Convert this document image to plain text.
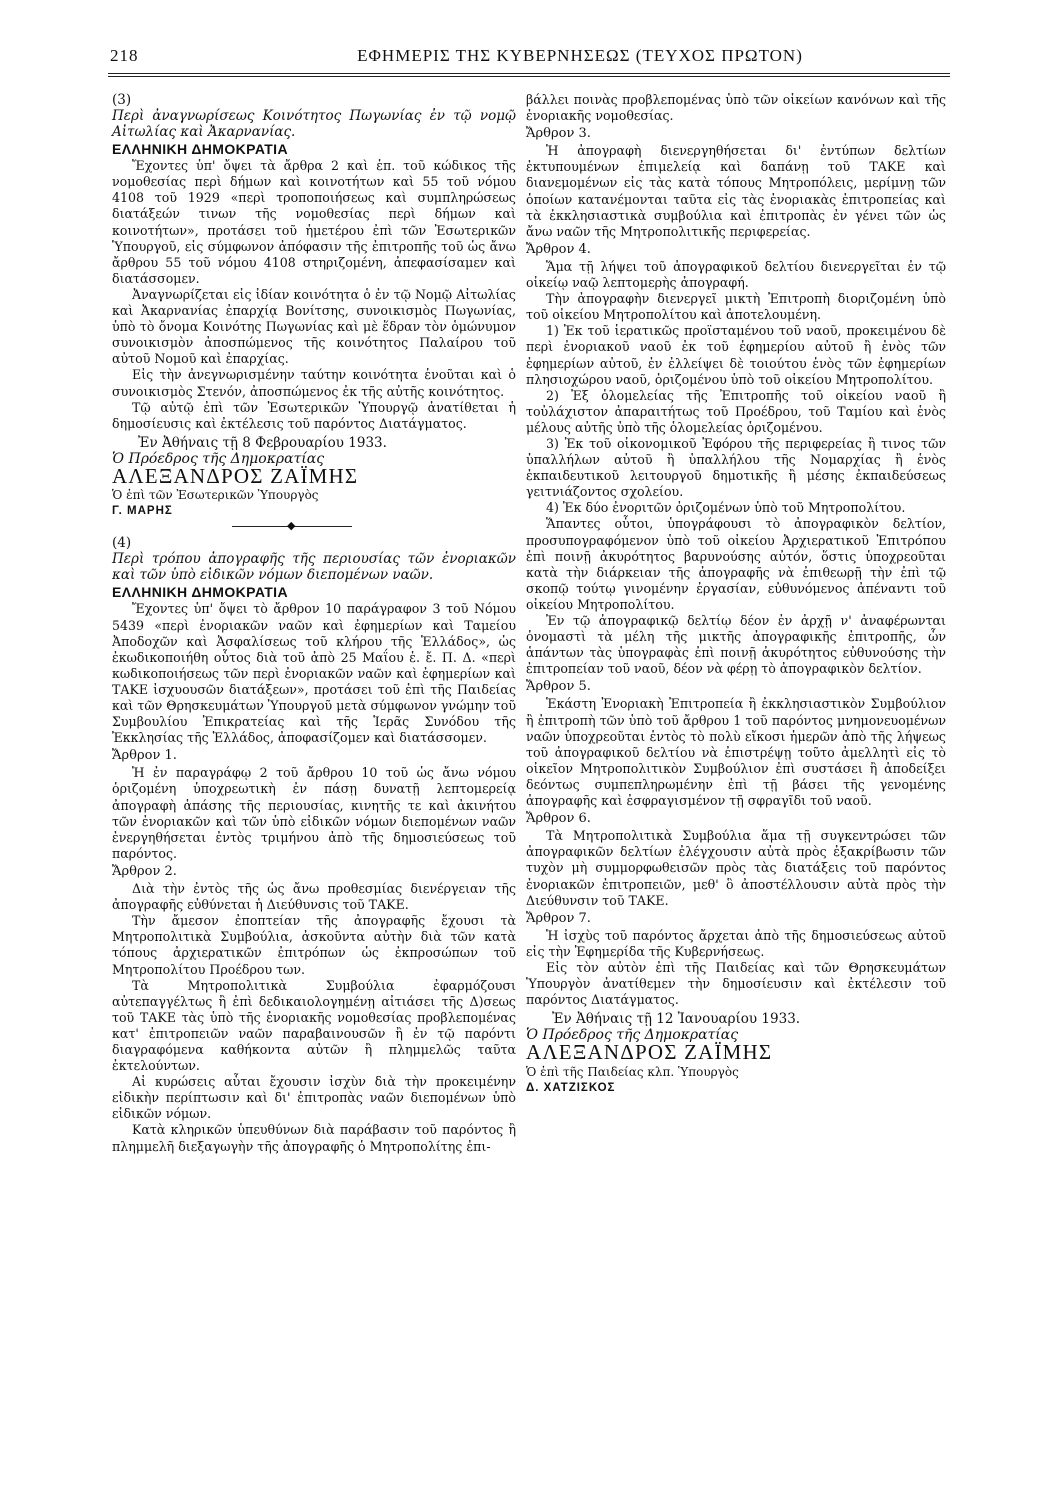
218	ΕΦΗΜΕΡΙΣ ΤΗΣ ΚΥΒΕΡΝΗΣΕΩΣ (ΤΕΥΧΟΣ ΠΡΩΤΟΝ)

(3)

Περὶ ἀναγνωρίσεως Κοινότητος Πωγωνίας ἐν τῷ νομῷ Αἰτωλίας καὶ Ἀκαρνανίας.

ΕΛΛΗΝΙΚΗ ΔΗΜΟΚΡΑΤΙΑ

Ἔχοντες ὑπ' ὄψει τὰ ἄρθρα 2 καὶ ἑπ. τοῦ κώδικος τῆς νομοθεσίας περὶ δήμων καὶ κοινοτήτων καὶ 55 τοῦ νόμου 4108 τοῦ 1929 «περὶ τροποποιήσεως καὶ συμπληρώσεως διατάξεών τινων τῆς νομοθεσίας περὶ δήμων καὶ κοινοτήτων», προτάσει τοῦ ἡμετέρου ἐπὶ τῶν Ἐσωτερικῶν Ὑπουργοῦ, εἰς σύμφωνον ἀπόφασιν τῆς ἐπιτροπῆς τοῦ ὡς ἄνω ἄρθρου 55 τοῦ νόμου 4108 στηριζομένη, ἀπεφασίσαμεν καὶ διατάσσομεν.

Ἀναγνωρίζεται εἰς ἰδίαν κοινότητα ὁ ἐν τῷ Νομῷ Αἰτωλίας καὶ Ἀκαρνανίας ἐπαρχίᾳ Βονίτσης, συνοικισμὸς Πωγωνίας, ὑπὸ τὸ ὄνομα Κοινότης Πωγωνίας καὶ μὲ ἕδραν τὸν ὁμώνυμον συνοικισμὸν ἀποσπώμενος τῆς κοινότητος Παλαίρου τοῦ αὐτοῦ Νομοῦ καὶ ἐπαρχίας.

Εἰς τὴν ἀνεγνωρισμένην ταύτην κοινότητα ἑνοῦται καὶ ὁ συνοικισμὸς Στενόν, ἀποσπώμενος ἐκ τῆς αὐτῆς κοινότητος.

Τῷ αὐτῷ ἐπὶ τῶν Ἐσωτερικῶν Ὑπουργῷ ἀνατίθεται ἡ δημοσίευσις καὶ ἐκτέλεσις τοῦ παρόντος Διατάγματος.

Ἐν Ἀθήναις τῇ 8 Φεβρουαρίου 1933.

Ὁ Πρόεδρος τῆς Δημοκρατίας

ΑΛΕΞΑΝΔΡΟΣ ΖΑΪΜΗΣ

Ὁ ἐπὶ τῶν Ἐσωτερικῶν Ὑπουργὸς

Γ. ΜΑΡΗΣ

◆

(4)

Περὶ τρόπου ἀπογραφῆς τῆς περιουσίας τῶν ἐνοριακῶν καὶ τῶν ὑπὸ εἰδικῶν νόμων διεπομένων ναῶν.

ΕΛΛΗΝΙΚΗ ΔΗΜΟΚΡΑΤΙΑ

Ἔχοντες ὑπ' ὄψει τὸ ἄρθρον 10 παράγραφον 3 τοῦ Νόμου 5439 «περὶ ἐνοριακῶν ναῶν καὶ ἐφημερίων καὶ Ταμείου Ἀποδοχῶν καὶ Ἀσφαλίσεως τοῦ κλήρου τῆς Ἑλλάδος», ὡς ἐκωδικοποιήθη οὗτος διὰ τοῦ ἀπὸ 25 Μαΐου ἑ. ἔ. Π. Δ. «περὶ κωδικοποιήσεως τῶν περὶ ἐνοριακῶν ναῶν καὶ ἐφημερίων καὶ ΤΑΚΕ ἰσχυουσῶν διατάξεων», προτάσει τοῦ ἐπὶ τῆς Παιδείας καὶ τῶν Θρησκευμάτων Ὑπουργοῦ μετὰ σύμφωνον γνώμην τοῦ Συμβουλίου Ἐπικρατείας καὶ τῆς Ἱερᾶς Συνόδου τῆς Ἐκκλησίας τῆς Ἑλλάδος, ἀποφασίζομεν καὶ διατάσσομεν.

Ἄρθρον 1.

Ἡ ἐν παραγράφῳ 2 τοῦ ἄρθρου 10 τοῦ ὡς ἄνω νόμου ὁριζομένη ὑποχρεωτικὴ ἐν πάσῃ δυνατῇ λεπτομερείᾳ ἀπογραφὴ ἁπάσης τῆς περιουσίας, κινητῆς τε καὶ ἀκινήτου τῶν ἐνοριακῶν καὶ τῶν ὑπὸ εἰδικῶν νόμων διεπομένων ναῶν ἐνεργηθήσεται ἐντὸς τριμήνου ἀπὸ τῆς δημοσιεύσεως τοῦ παρόντος.

Ἄρθρον 2.

Διὰ τὴν ἐντὸς τῆς ὡς ἄνω προθεσμίας διενέργειαν τῆς ἀπογραφῆς εὐθύνεται ἡ Διεύθυνσις τοῦ ΤΑΚΕ.

Τὴν ἄμεσον ἐποπτείαν τῆς ἀπογραφῆς ἔχουσι τὰ Μητροπολιτικὰ Συμβούλια, ἀσκοῦντα αὐτὴν διὰ τῶν κατὰ τόπους ἀρχιερατικῶν ἐπιτρόπων ὡς ἐκπροσώπων τοῦ Μητροπολίτου Προέδρου των.

Τὰ Μητροπολιτικὰ Συμβούλια ἐφαρμόζουσι αὐτεπαγγέλτως ἢ ἐπὶ δεδικαιολογημένῃ αἰτιάσει τῆς Δ)σεως τοῦ ΤΑΚΕ τὰς ὑπὸ τῆς ἐνοριακῆς νομοθεσίας προβλεπομένας κατ' ἐπιτροπειῶν ναῶν παραβαινουσῶν ἢ ἐν τῷ παρόντι διαγραφόμενα καθήκοντα αὐτῶν ἢ πλημμελῶς ταῦτα ἐκτελούντων.

Αἱ κυρώσεις αὗται ἔχουσιν ἰσχὺν διὰ τὴν προκειμένην εἰδικὴν περίπτωσιν καὶ δι' ἐπιτροπὰς ναῶν διεπομένων ὑπὸ εἰδικῶν νόμων.

Κατὰ κληρικῶν ὑπευθύνων διὰ παράβασιν τοῦ παρόντος ἢ πλημμελῆ διεξαγωγὴν τῆς ἀπογραφῆς ὁ Μητροπολίτης ἐπι-

βάλλει ποινὰς προβλεπομένας ὑπὸ τῶν οἰκείων κανόνων καὶ τῆς ἐνοριακῆς νομοθεσίας.

Ἄρθρον 3.

Ἡ ἀπογραφὴ διενεργηθήσεται δι' ἐντύπων δελτίων ἐκτυπουμένων ἐπιμελείᾳ καὶ δαπάνῃ τοῦ ΤΑΚΕ καὶ διανεμομένων εἰς τὰς κατὰ τόπους Μητροπόλεις, μερίμνῃ τῶν ὁποίων κατανέμονται ταῦτα εἰς τὰς ἐνοριακὰς ἐπιτροπείας καὶ τὰ ἐκκλησιαστικὰ συμβούλια καὶ ἐπιτροπὰς ἐν γένει τῶν ὡς ἄνω ναῶν τῆς Μητροπολιτικῆς περιφερείας.

Ἄρθρον 4.

Ἅμα τῇ λήψει τοῦ ἀπογραφικοῦ δελτίου διενεργεῖται ἐν τῷ οἰκείῳ ναῷ λεπτομερὴς ἀπογραφή.

Τὴν ἀπογραφὴν διενεργεῖ μικτὴ Ἐπιτροπὴ διοριζομένη ὑπὸ τοῦ οἰκείου Μητροπολίτου καὶ ἀποτελουμένη.

1) Ἐκ τοῦ ἱερατικῶς προϊσταμένου τοῦ ναοῦ, προκειμένου δὲ περὶ ἐνοριακοῦ ναοῦ ἐκ τοῦ ἐφημερίου αὐτοῦ ἢ ἑνὸς τῶν ἐφημερίων αὐτοῦ, ἐν ἐλλείψει δὲ τοιούτου ἑνὸς τῶν ἐφημερίων πλησιοχώρου ναοῦ, ὁριζομένου ὑπὸ τοῦ οἰκείου Μητροπολίτου.

2) Ἐξ ὁλομελείας τῆς Ἐπιτροπῆς τοῦ οἰκείου ναοῦ ἢ τοὐλάχιστον ἀπαραιτήτως τοῦ Προέδρου, τοῦ Ταμίου καὶ ἑνὸς μέλους αὐτῆς ὑπὸ τῆς ὁλομελείας ὁριζομένου.

3) Ἐκ τοῦ οἰκονομικοῦ Ἐφόρου τῆς περιφερείας ἢ τινος τῶν ὑπαλλήλων αὐτοῦ ἢ ὑπαλλήλου τῆς Νομαρχίας ἢ ἑνὸς ἐκπαιδευτικοῦ λειτουργοῦ δημοτικῆς ἢ μέσης ἐκπαιδεύσεως γειτνιάζοντος σχολείου.

4) Ἐκ δύο ἐνοριτῶν ὁριζομένων ὑπὸ τοῦ Μητροπολίτου.

Ἅπαντες οὗτοι, ὑπογράφουσι τὸ ἀπογραφικὸν δελτίον, προσυπογραφόμενον ὑπὸ τοῦ οἰκείου Ἀρχιερατικοῦ Ἐπιτρόπου ἐπὶ ποινῇ ἀκυρότητος βαρυνούσης αὐτόν, ὅστις ὑποχρεοῦται κατὰ τὴν διάρκειαν τῆς ἀπογραφῆς νὰ ἐπιθεωρῇ τὴν ἐπὶ τῷ σκοπῷ τούτῳ γινομένην ἐργασίαν, εὐθυνόμενος ἀπέναντι τοῦ οἰκείου Μητροπολίτου.

Ἐν τῷ ἀπογραφικῷ δελτίῳ δέον ἐν ἀρχῇ ν' ἀναφέρωνται ὀνομαστὶ τὰ μέλη τῆς μικτῆς ἀπογραφικῆς ἐπιτροπῆς, ὧν ἁπάντων τὰς ὑπογραφὰς ἐπὶ ποινῇ ἀκυρότητος εὐθυνούσης τὴν ἐπιτροπείαν τοῦ ναοῦ, δέον νὰ φέρῃ τὸ ἀπογραφικὸν δελτίον.

Ἄρθρον 5.

Ἑκάστη Ἐνοριακὴ Ἐπιτροπεία ἢ ἐκκλησιαστικὸν Συμβούλιον ἢ ἐπιτροπὴ τῶν ὑπὸ τοῦ ἄρθρου 1 τοῦ παρόντος μνημονευομένων ναῶν ὑποχρεοῦται ἐντὸς τὸ πολὺ εἴκοσι ἡμερῶν ἀπὸ τῆς λήψεως τοῦ ἀπογραφικοῦ δελτίου νὰ ἐπιστρέψῃ τοῦτο ἀμελλητὶ εἰς τὸ οἰκεῖον Μητροπολιτικὸν Συμβούλιον ἐπὶ συστάσει ἢ ἀποδείξει δεόντως συμπεπληρωμένην ἐπὶ τῇ βάσει τῆς γενομένης ἀπογραφῆς καὶ ἐσφραγισμένον τῇ σφραγῖδι τοῦ ναοῦ.

Ἄρθρον 6.

Τὰ Μητροπολιτικὰ Συμβούλια ἅμα τῇ συγκεντρώσει τῶν ἀπογραφικῶν δελτίων ἐλέγχουσιν αὐτὰ πρὸς ἐξακρίβωσιν τῶν τυχὸν μὴ συμμορφωθεισῶν πρὸς τὰς διατάξεις τοῦ παρόντος ἐνοριακῶν ἐπιτροπειῶν, μεθ' ὃ ἀποστέλλουσιν αὐτὰ πρὸς τὴν Διεύθυνσιν τοῦ ΤΑΚΕ.

Ἄρθρον 7.

Ἡ ἰσχὺς τοῦ παρόντος ἄρχεται ἀπὸ τῆς δημοσιεύσεως αὐτοῦ εἰς τὴν Ἐφημερίδα τῆς Κυβερνήσεως.

Εἰς τὸν αὐτὸν ἐπὶ τῆς Παιδείας καὶ τῶν Θρησκευμάτων Ὑπουργὸν ἀνατίθεμεν τὴν δημοσίευσιν καὶ ἐκτέλεσιν τοῦ παρόντος Διατάγματος.

Ἐν Ἀθήναις τῇ 12 Ἰανουαρίου 1933.

Ὁ Πρόεδρος τῆς Δημοκρατίας

ΑΛΕΞΑΝΔΡΟΣ ΖΑΪΜΗΣ

Ὁ ἐπὶ τῆς Παιδείας κλπ. Ὑπουργὸς

Δ. ΧΑΤΖΙΣΚΟΣ
